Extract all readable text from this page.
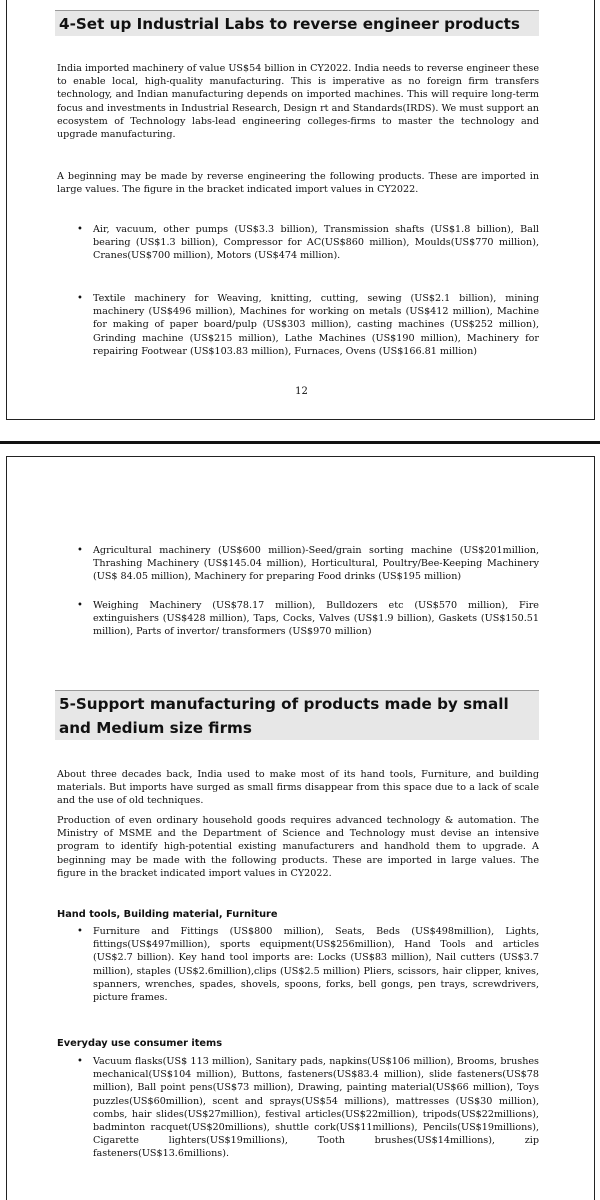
4-Set up Industrial Labs to reverse engineer products

India imported machinery of value US$54 billion in CY2022. India needs to reverse engineer these to enable local, high-quality manufacturing. This is imperative as no foreign firm transfers technology, and Indian manufacturing depends on imported machines. This will require long-term focus and investments in Industrial Research, Design rt and Standards(IRDS). We must support an ecosystem of Technology labs-lead engineering colleges-firms to master the technology and upgrade manufacturing.

A beginning may be made by reverse engineering the following products. These are imported in large values. The figure in the bracket indicated import values in CY2022.

• Air, vacuum, other pumps (US$3.3 billion), Transmission shafts (US$1.8 billion), Ball bearing (US$1.3 billion), Compressor for AC(US$860 million), Moulds(US$770 million), Cranes(US$700 million), Motors (US$474 million).
• Textile machinery for Weaving, knitting, cutting, sewing (US$2.1 billion), mining machinery (US$496 million), Machines for working on metals (US$412 million), Machine for making of paper board/pulp (US$303 million), casting machines (US$252 million), Grinding machine (US$215 million), Lathe Machines (US$190 million), Machinery for repairing Footwear (US$103.83 million), Furnaces, Ovens (US$166.81 million)
12
• Agricultural machinery (US$600 million)-Seed/grain sorting machine (US$201million, Thrashing Machinery (US$145.04 million), Horticultural, Poultry/Bee-Keeping Machinery (US$ 84.05 million), Machinery for preparing Food drinks (US$195 million)
• Weighing Machinery (US$78.17 million), Bulldozers etc (US$570 million), Fire extinguishers (US$428 million), Taps, Cocks, Valves (US$1.9 billion), Gaskets (US$150.51 million), Parts of invertor/ transformers (US$970 million)
5-Support manufacturing of products made by small and Medium size firms

About three decades back, India used to make most of its hand tools, Furniture, and building materials. But imports have surged as small firms disappear from this space due to a lack of scale and the use of old techniques.

Production of even ordinary household goods requires advanced technology & automation. The Ministry of MSME and the Department of Science and Technology must devise an intensive program to identify high-potential existing manufacturers and handhold them to upgrade. A beginning may be made with the following products. These are imported in large values. The figure in the bracket indicated import values in CY2022.

Hand tools, Building material, Furniture
• Furniture and Fittings (US$800 million), Seats, Beds (US$498million), Lights, fittings(US$497million), sports equipment(US$256million), Hand Tools and articles (US$2.7 billion). Key hand tool imports are: Locks (US$83 million), Nail cutters (US$3.7 million), staples (US$2.6million),clips (US$2.5 million) Pliers, scissors, hair clipper, knives, spanners, wrenches, spades, shovels, spoons, forks, bell gongs, pen trays, screwdrivers, picture frames.
Everyday use consumer items
• Vacuum flasks(US$ 113 million), Sanitary pads, napkins(US$106 million), Brooms, brushes mechanical(US$104 million), Buttons, fasteners(US$83.4 million), slide fasteners(US$78 million), Ball point pens(US$73 million), Drawing, painting material(US$66 million), Toys puzzles(US$60million), scent and sprays(US$54 millions), mattresses (US$30 million), combs, hair slides(US$27million), festival articles(US$22million), tripods(US$22millions), badminton racquet(US$20millions), shuttle cork(US$11millions), Pencils(US$19millions), Cigarette lighters(US$19millions), Tooth brushes(US$14millions), zip fasteners(US$13.6millions).
